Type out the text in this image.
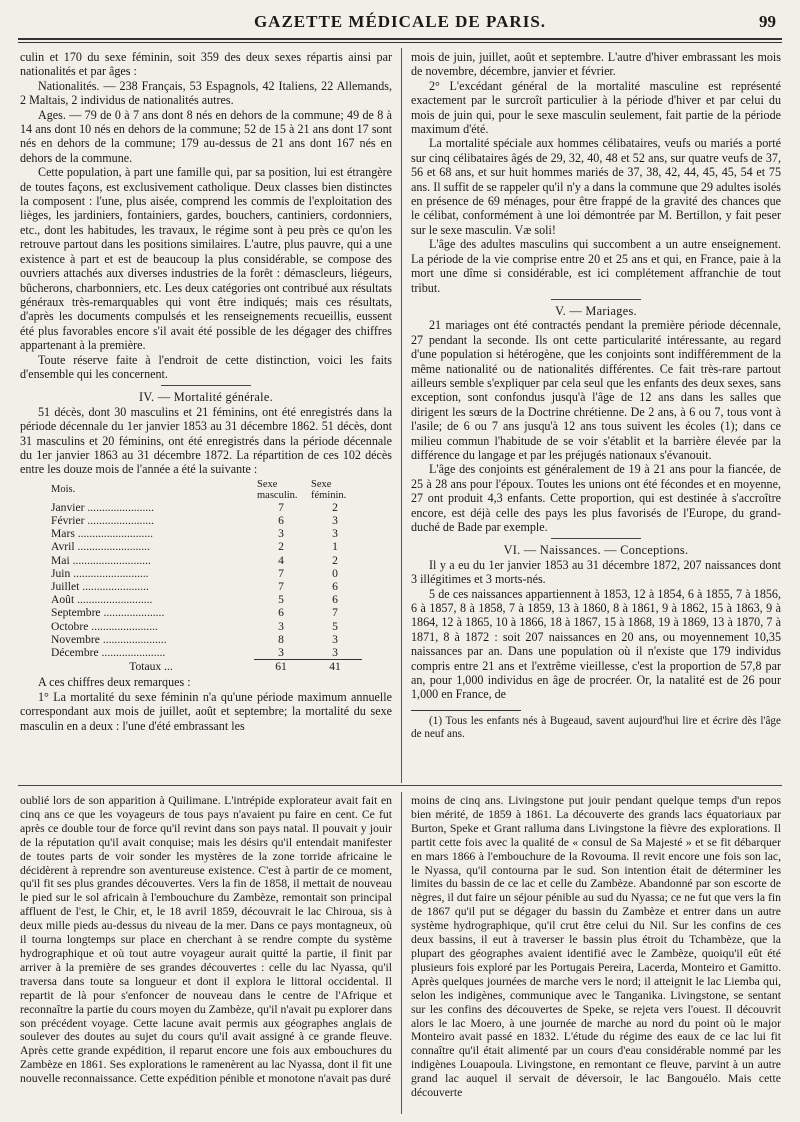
GAZETTE MÉDICALE DE PARIS.	99

culin et 170 du sexe féminin, soit 359 des deux sexes répartis ainsi par nationalités et par âges :

Nationalités. — 238 Français, 53 Espagnols, 42 Italiens, 22 Allemands, 2 Maltais, 2 individus de nationalités autres.

Ages. — 79 de 0 à 7 ans dont 8 nés en dehors de la commune; 49 de 8 à 14 ans dont 10 nés en dehors de la commune; 52 de 15 à 21 ans dont 17 sont nés en dehors de la commune; 179 au-dessus de 21 ans dont 167 nés en dehors de la commune.

Cette population, à part une famille qui, par sa position, lui est étrangère de toutes façons, est exclusivement catholique. Deux classes bien distinctes la composent : l'une, plus aisée, comprend les commis de l'exploitation des lièges, les jardiniers, fontainiers, gardes, bouchers, cantiniers, cordonniers, etc., dont les habitudes, les travaux, le régime sont à peu près ce qu'on les retrouve partout dans les positions similaires. L'autre, plus pauvre, qui a une existence à part et est de beaucoup la plus considérable, se compose des ouvriers attachés aux diverses industries de la forêt : démascleurs, liégeurs, bûcherons, charbonniers, etc. Les deux catégories ont contribué aux résultats généraux très-remarquables qui vont être indiqués; mais ces résultats, d'après les documents compulsés et les renseignements recueillis, eussent été plus favorables encore s'il avait été possible de les dégager des chiffres appartenant à la première.

Toute réserve faite à l'endroit de cette distinction, voici les faits d'ensemble qui les concernent.

IV. — Mortalité générale.

51 décès, dont 30 masculins et 21 féminins, ont été enregistrés dans la période décennale du 1er janvier 1853 au 31 décembre 1862. 51 décès, dont 31 masculins et 20 féminins, ont été enregistrés dans la période décennale du 1er janvier 1863 au 31 décembre 1872. La répartition de ces 102 décès entre les douze mois de l'année a été la suivante :

Mois.	Sexe masculin.	Sexe féminin.
Janvier .......................	7	2
Février .......................	6	3
Mars ..........................	3	3
Avril .........................	2	1
Mai ...........................	4	2
Juin ..........................	7	0
Juillet .......................	7	6
Août ..........................	5	6
Septembre .....................	6	7
Octobre .......................	3	5
Novembre ......................	8	3
Décembre ......................	3	3
Totaux ...	61	41

A ces chiffres deux remarques :

1° La mortalité du sexe féminin n'a qu'une période maximum annuelle correspondant aux mois de juillet, août et septembre; la mortalité du sexe masculin en a deux : l'une d'été embrassant les

mois de juin, juillet, août et septembre. L'autre d'hiver embrassant les mois de novembre, décembre, janvier et février.

2° L'excédant général de la mortalité masculine est représenté exactement par le surcroît particulier à la période d'hiver et par celui du mois de juin qui, pour le sexe masculin seulement, fait partie de la période maximum d'été.

La mortalité spéciale aux hommes célibataires, veufs ou mariés a porté sur cinq célibataires âgés de 29, 32, 40, 48 et 52 ans, sur quatre veufs de 37, 56 et 68 ans, et sur huit hommes mariés de 37, 38, 42, 44, 45, 45, 54 et 75 ans. Il suffit de se rappeler qu'il n'y a dans la commune que 29 adultes isolés en présence de 69 ménages, pour être frappé de la gravité des chances que le célibat, conformément à une loi démontrée par M. Bertillon, y fait peser sur le sexe masculin. Væ soli!

L'âge des adultes masculins qui succombent a un autre enseignement. La période de la vie comprise entre 20 et 25 ans et qui, en France, paie à la mort une dîme si considérable, est ici complétement affranchie de tout tribut.

V. — Mariages.

21 mariages ont été contractés pendant la première période décennale, 27 pendant la seconde. Ils ont cette particularité intéressante, au regard d'une population si hétérogène, que les conjoints sont indifféremment de la même nationalité ou de nationalités différentes. Ce fait très-rare partout ailleurs semble s'expliquer par cela seul que les enfants des deux sexes, sans exception, sont confondus jusqu'à l'âge de 12 ans dans les salles que dirigent les sœurs de la Doctrine chrétienne. De 2 ans, à 6 ou 7, tous vont à l'asile; de 6 ou 7 ans jusqu'à 12 ans tous suivent les écoles (1); dans ce milieu commun l'habitude de se voir s'établit et la barrière élevée par la différence du langage et par les préjugés nationaux s'évanouit.

L'âge des conjoints est généralement de 19 à 21 ans pour la fiancée, de 25 à 28 ans pour l'époux. Toutes les unions ont été fécondes et en moyenne, 27 ont produit 4,3 enfants. Cette proportion, qui est destinée à s'accroître encore, est déjà celle des pays les plus favorisés de l'Europe, du grand-duché de Bade par exemple.

VI. — Naissances. — Conceptions.

Il y a eu du 1er janvier 1853 au 31 décembre 1872, 207 naissances dont 3 illégitimes et 3 morts-nés.

5 de ces naissances appartiennent à 1853, 12 à 1854, 6 à 1855, 7 à 1856, 6 à 1857, 8 à 1858, 7 à 1859, 13 à 1860, 8 à 1861, 9 à 1862, 15 à 1863, 9 à 1864, 12 à 1865, 10 à 1866, 18 à 1867, 15 à 1868, 19 à 1869, 13 à 1870, 7 à 1871, 8 à 1872 : soit 207 naissances en 20 ans, ou moyennement 10,35 naissances par an. Dans une population où il n'existe que 179 individus compris entre 21 ans et l'extrême vieillesse, c'est la proportion de 57,8 par an, pour 1,000 individus en âge de procréer. Or, la natalité est de 26 pour 1,000 en France, de

(1) Tous les enfants nés à Bugeaud, savent aujourd'hui lire et écrire dès l'âge de neuf ans.

oublié lors de son apparition à Quilimane. L'intrépide explorateur avait fait en cinq ans ce que les voyageurs de tous pays n'avaient pu faire en cent. Ce fut après ce double tour de force qu'il revint dans son pays natal. Il pouvait y jouir de la réputation qu'il avait conquise; mais les désirs qu'il entendait manifester de toutes parts de voir sonder les mystères de la zone torride africaine le décidèrent à reprendre son aventureuse existence. C'est à partir de ce moment, qu'il fit ses plus grandes découvertes. Vers la fin de 1858, il mettait de nouveau le pied sur le sol africain à l'embouchure du Zambèze, remontait son principal affluent de l'est, le Chir, et, le 18 avril 1859, découvrait le lac Chiroua, sis à deux mille pieds au-dessus du niveau de la mer. Dans ce pays montagneux, où il tourna longtemps sur place en cherchant à se rendre compte du système hydrographique et où tout autre voyageur aurait quitté la partie, il finit par arriver à la première de ses grandes découvertes : celle du lac Nyassa, qu'il traversa dans toute sa longueur et dont il explora le littoral occidental. Il repartit de là pour s'enfoncer de nouveau dans le centre de l'Afrique et reconnaître la partie du cours moyen du Zambèze, qu'il n'avait pu explorer dans son précédent voyage. Cette lacune avait permis aux géographes anglais de soulever des doutes au sujet du cours qu'il avait assigné à ce grande fleuve. Après cette grande expédition, il reparut encore une fois aux embouchures du Zambèze en 1861. Ses explorations le ramenèrent au lac Nyassa, dont il fit une nouvelle reconnaissance. Cette expédition pénible et monotone n'avait pas duré

moins de cinq ans. Livingstone put jouir pendant quelque temps d'un repos bien mérité, de 1859 à 1861. La découverte des grands lacs équatoriaux par Burton, Speke et Grant ralluma dans Livingstone la fièvre des explorations. Il partit cette fois avec la qualité de « consul de Sa Majesté » et se fit débarquer en mars 1866 à l'embouchure de la Rovouma. Il revit encore une fois son lac, le Nyassa, qu'il contourna par le sud. Son intention était de déterminer les limites du bassin de ce lac et celle du Zambèze. Abandonné par son escorte de nègres, il dut faire un séjour pénible au sud du Nyassa; ce ne fut que vers la fin de 1867 qu'il put se dégager du bassin du Zambèze et entrer dans un autre système hydrographique, qu'il crut être celui du Nil. Sur les confins de ces deux bassins, il eut à traverser le bassin plus étroit du Tchambèze, que la plupart des géographes avaient identifié avec le Zambèze, quoiqu'il eût été plusieurs fois exploré par les Portugais Pereira, Lacerda, Monteiro et Gamitto. Après quelques journées de marche vers le nord; il atteignit le lac Liemba qui, selon les indigènes, communique avec le Tanganika. Livingstone, se sentant sur les confins des découvertes de Speke, se rejeta vers l'ouest. Il découvrit alors le lac Moero, à une journée de marche au nord du point où le major Monteiro avait passé en 1832. L'étude du régime des eaux de ce lac lui fit connaître qu'il était alimenté par un cours d'eau considérable nommé par les indigènes Louapoula. Livingstone, en remontant ce fleuve, parvint à un autre grand lac auquel il servait de déversoir, le lac Bangouélo. Mais cette découverte
